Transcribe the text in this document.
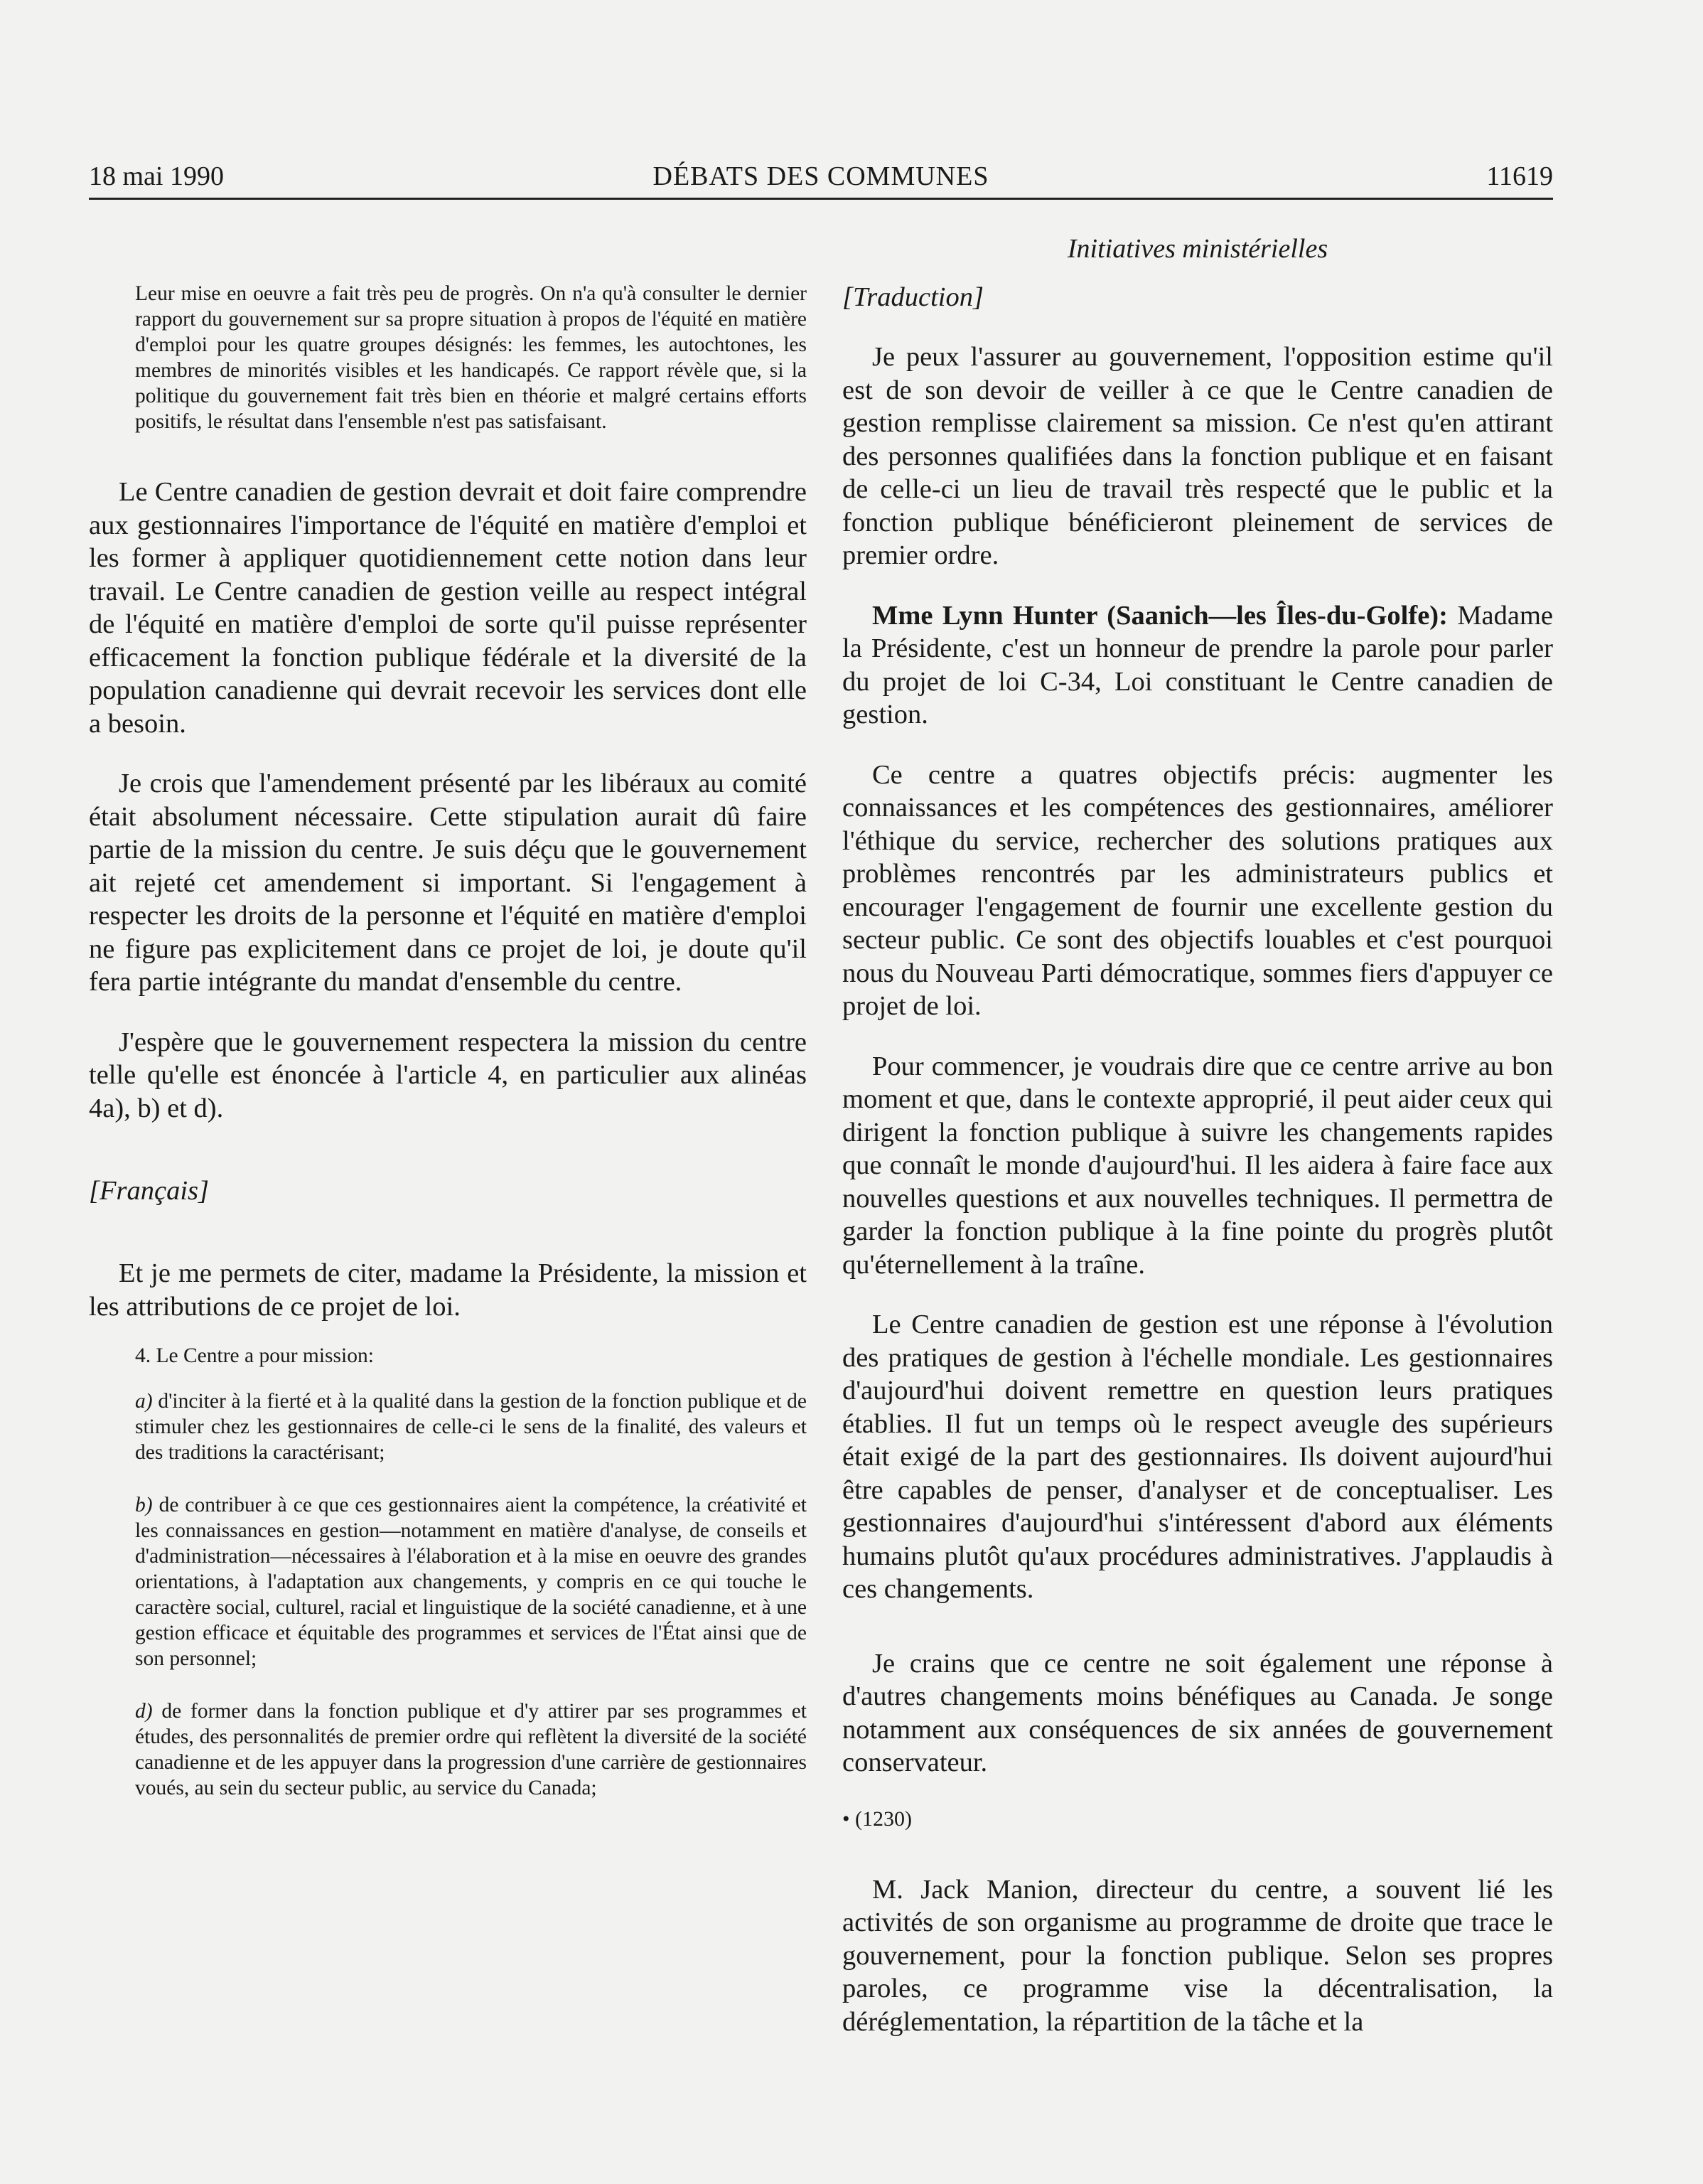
18 mai 1990	DÉBATS DES COMMUNES	11619
Initiatives ministérielles
Leur mise en oeuvre a fait très peu de progrès. On n'a qu'à consulter le dernier rapport du gouvernement sur sa propre situation à propos de l'équité en matière d'emploi pour les quatre groupes désignés: les femmes, les autochtones, les membres de minorités visibles et les handicapés. Ce rapport révèle que, si la politique du gouvernement fait très bien en théorie et malgré certains efforts positifs, le résultat dans l'ensemble n'est pas satisfaisant.

Le Centre canadien de gestion devrait et doit faire comprendre aux gestionnaires l'importance de l'équité en matière d'emploi et les former à appliquer quotidiennement cette notion dans leur travail. Le Centre canadien de gestion veille au respect intégral de l'équité en matière d'emploi de sorte qu'il puisse représenter efficacement la fonction publique fédérale et la diversité de la population canadienne qui devrait recevoir les services dont elle a besoin.

Je crois que l'amendement présenté par les libéraux au comité était absolument nécessaire. Cette stipulation aurait dû faire partie de la mission du centre. Je suis déçu que le gouvernement ait rejeté cet amendement si important. Si l'engagement à respecter les droits de la personne et l'équité en matière d'emploi ne figure pas explicitement dans ce projet de loi, je doute qu'il fera partie intégrante du mandat d'ensemble du centre.

J'espère que le gouvernement respectera la mission du centre telle qu'elle est énoncée à l'article 4, en particulier aux alinéas 4a), b) et d).

[Français]

Et je me permets de citer, madame la Présidente, la mission et les attributions de ce projet de loi.

4. Le Centre a pour mission:

a) d'inciter à la fierté et à la qualité dans la gestion de la fonction publique et de stimuler chez les gestionnaires de celle-ci le sens de la finalité, des valeurs et des traditions la caractérisant;

b) de contribuer à ce que ces gestionnaires aient la compétence, la créativité et les connaissances en gestion—notamment en matière d'analyse, de conseils et d'administration—nécessaires à l'élaboration et à la mise en oeuvre des grandes orientations, à l'adaptation aux changements, y compris en ce qui touche le caractère social, culturel, racial et linguistique de la société canadienne, et à une gestion efficace et équitable des programmes et services de l'État ainsi que de son personnel;

d) de former dans la fonction publique et d'y attirer par ses programmes et études, des personnalités de premier ordre qui reflètent la diversité de la société canadienne et de les appuyer dans la progression d'une carrière de gestionnaires voués, au sein du secteur public, au service du Canada;

[Traduction]

Je peux l'assurer au gouvernement, l'opposition estime qu'il est de son devoir de veiller à ce que le Centre canadien de gestion remplisse clairement sa mission. Ce n'est qu'en attirant des personnes qualifiées dans la fonction publique et en faisant de celle-ci un lieu de travail très respecté que le public et la fonction publique bénéficieront pleinement de services de premier ordre.

Mme Lynn Hunter (Saanich—les Îles-du-Golfe): Madame la Présidente, c'est un honneur de prendre la parole pour parler du projet de loi C-34, Loi constituant le Centre canadien de gestion.

Ce centre a quatres objectifs précis: augmenter les connaissances et les compétences des gestionnaires, améliorer l'éthique du service, rechercher des solutions pratiques aux problèmes rencontrés par les administrateurs publics et encourager l'engagement de fournir une excellente gestion du secteur public. Ce sont des objectifs louables et c'est pourquoi nous du Nouveau Parti démocratique, sommes fiers d'appuyer ce projet de loi.

Pour commencer, je voudrais dire que ce centre arrive au bon moment et que, dans le contexte approprié, il peut aider ceux qui dirigent la fonction publique à suivre les changements rapides que connaît le monde d'aujourd'hui. Il les aidera à faire face aux nouvelles questions et aux nouvelles techniques. Il permettra de garder la fonction publique à la fine pointe du progrès plutôt qu'éternellement à la traîne.

Le Centre canadien de gestion est une réponse à l'évolution des pratiques de gestion à l'échelle mondiale. Les gestionnaires d'aujourd'hui doivent remettre en question leurs pratiques établies. Il fut un temps où le respect aveugle des supérieurs était exigé de la part des gestionnaires. Ils doivent aujourd'hui être capables de penser, d'analyser et de conceptualiser. Les gestionnaires d'aujourd'hui s'intéressent d'abord aux éléments humains plutôt qu'aux procédures administratives. J'applaudis à ces changements.

Je crains que ce centre ne soit également une réponse à d'autres changements moins bénéfiques au Canada. Je songe notamment aux conséquences de six années de gouvernement conservateur.

• (1230)

M. Jack Manion, directeur du centre, a souvent lié les activités de son organisme au programme de droite que trace le gouvernement, pour la fonction publique. Selon ses propres paroles, ce programme vise la décentralisation, la déréglementation, la répartition de la tâche et la
